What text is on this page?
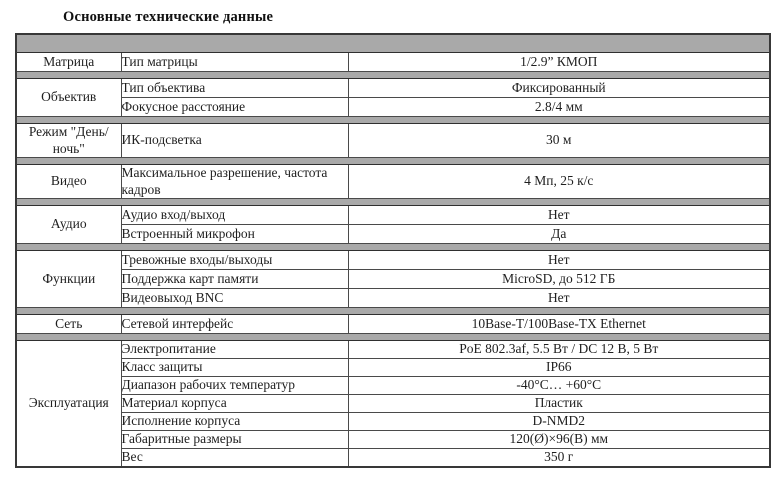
Основные технические данные

Матрица	Тип матрицы	1/2.9” КМОП

Объектив	Тип объектива	Фиксированный
	Фокусное расстояние	2.8/4 мм

Режим "День/ночь"	ИК-подсветка	30 м

Видео	Максимальное разрешение, частота кадров	4 Мп, 25 к/с

Аудио	Аудио вход/выход	Нет
	Встроенный микрофон	Да

Функции	Тревожные входы/выходы	Нет
	Поддержка карт памяти	MicroSD, до 512 ГБ
	Видеовыход BNC	Нет

Сеть	Сетевой интерфейс	10Base-T/100Base-TX Ethernet

Эксплуатация	Электропитание	PoE 802.3af, 5.5 Вт / DC 12 В, 5 Вт
	Класс защиты	IP66
	Диапазон рабочих температур	-40°C… +60°C
	Материал корпуса	Пластик
	Исполнение корпуса	D-NMD2
	Габаритные размеры	120(Ø)×96(В) мм
	Вес	350 г
